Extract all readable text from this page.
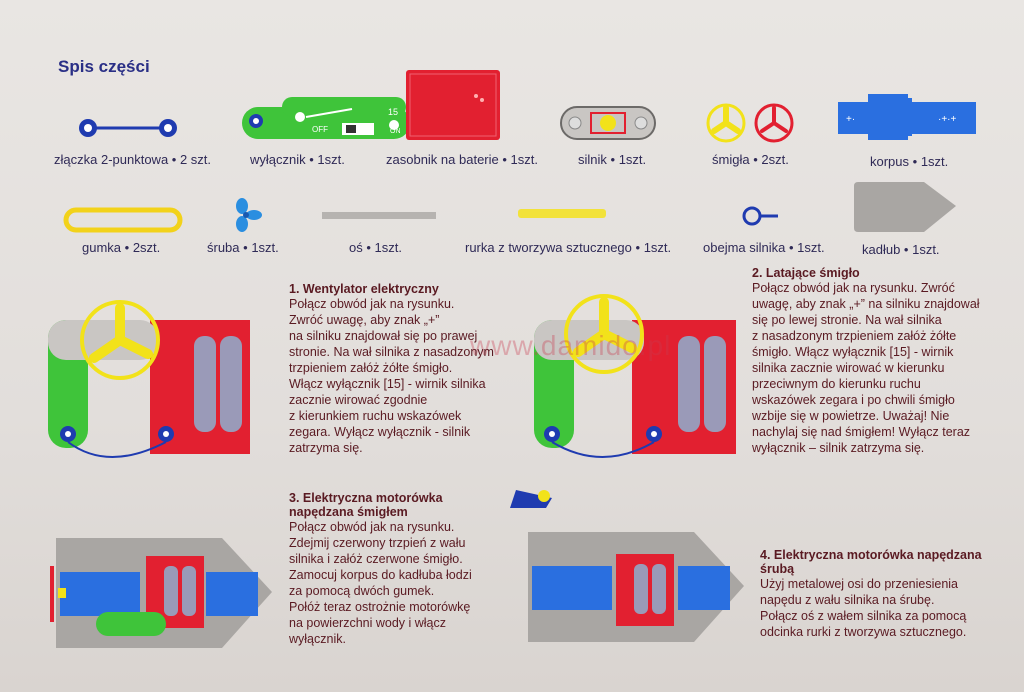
Spis części
OFF
15
ON
+·	·+·+
złączka 2-punktowa • 2 szt.	wyłącznik • 1szt.	zasobnik na baterie • 1szt.	silnik • 1szt.	śmigła • 2szt.	korpus • 1szt.
gumka • 2szt.	śruba • 1szt.	oś • 1szt.	rurka z tworzywa sztucznego • 1szt. obejma silnika • 1szt.	kadłub • 1szt.
www.damido.pl
1. Wentylator elektryczny
Połącz obwód jak na rysunku.
Zwróć uwagę, aby znak „+”
na silniku znajdował się po prawej
stronie. Na wał silnika z nasadzonym
trzpieniem załóż żółte śmigło.
Włącz wyłącznik [15] - wirnik silnika
zacznie wirować zgodnie
z kierunkiem ruchu wskazówek
zegara. Wyłącz wyłącznik - silnik
zatrzyma się.
2. Latające śmigło
Połącz obwód jak na rysunku. Zwróć
uwagę, aby znak „+” na silniku znajdował
się po lewej stronie. Na wał silnika
z nasadzonym trzpieniem załóż żółte
śmigło. Włącz wyłącznik [15] - wirnik
silnika zacznie wirować w kierunku
przeciwnym do kierunku ruchu
wskazówek zegara i po chwili śmigło
wzbije się w powietrze. Uważaj! Nie
nachylaj się nad śmigłem! Wyłącz teraz
wyłącznik – silnik zatrzyma się.
3. Elektryczna motorówka
napędzana śmigłem
Połącz obwód jak na rysunku.
Zdejmij czerwony trzpień z wału
silnika i załóż czerwone śmigło.
Zamocuj korpus do kadłuba łodzi
za pomocą dwóch gumek.
Połóż teraz ostrożnie motorówkę
na powierzchni wody i włącz
wyłącznik.
4. Elektryczna motorówka napędzana
śrubą
Użyj metalowej osi do przeniesienia
napędu z wału silnika na śrubę.
Połącz oś z wałem silnika za pomocą
odcinka rurki z tworzywa sztucznego.
